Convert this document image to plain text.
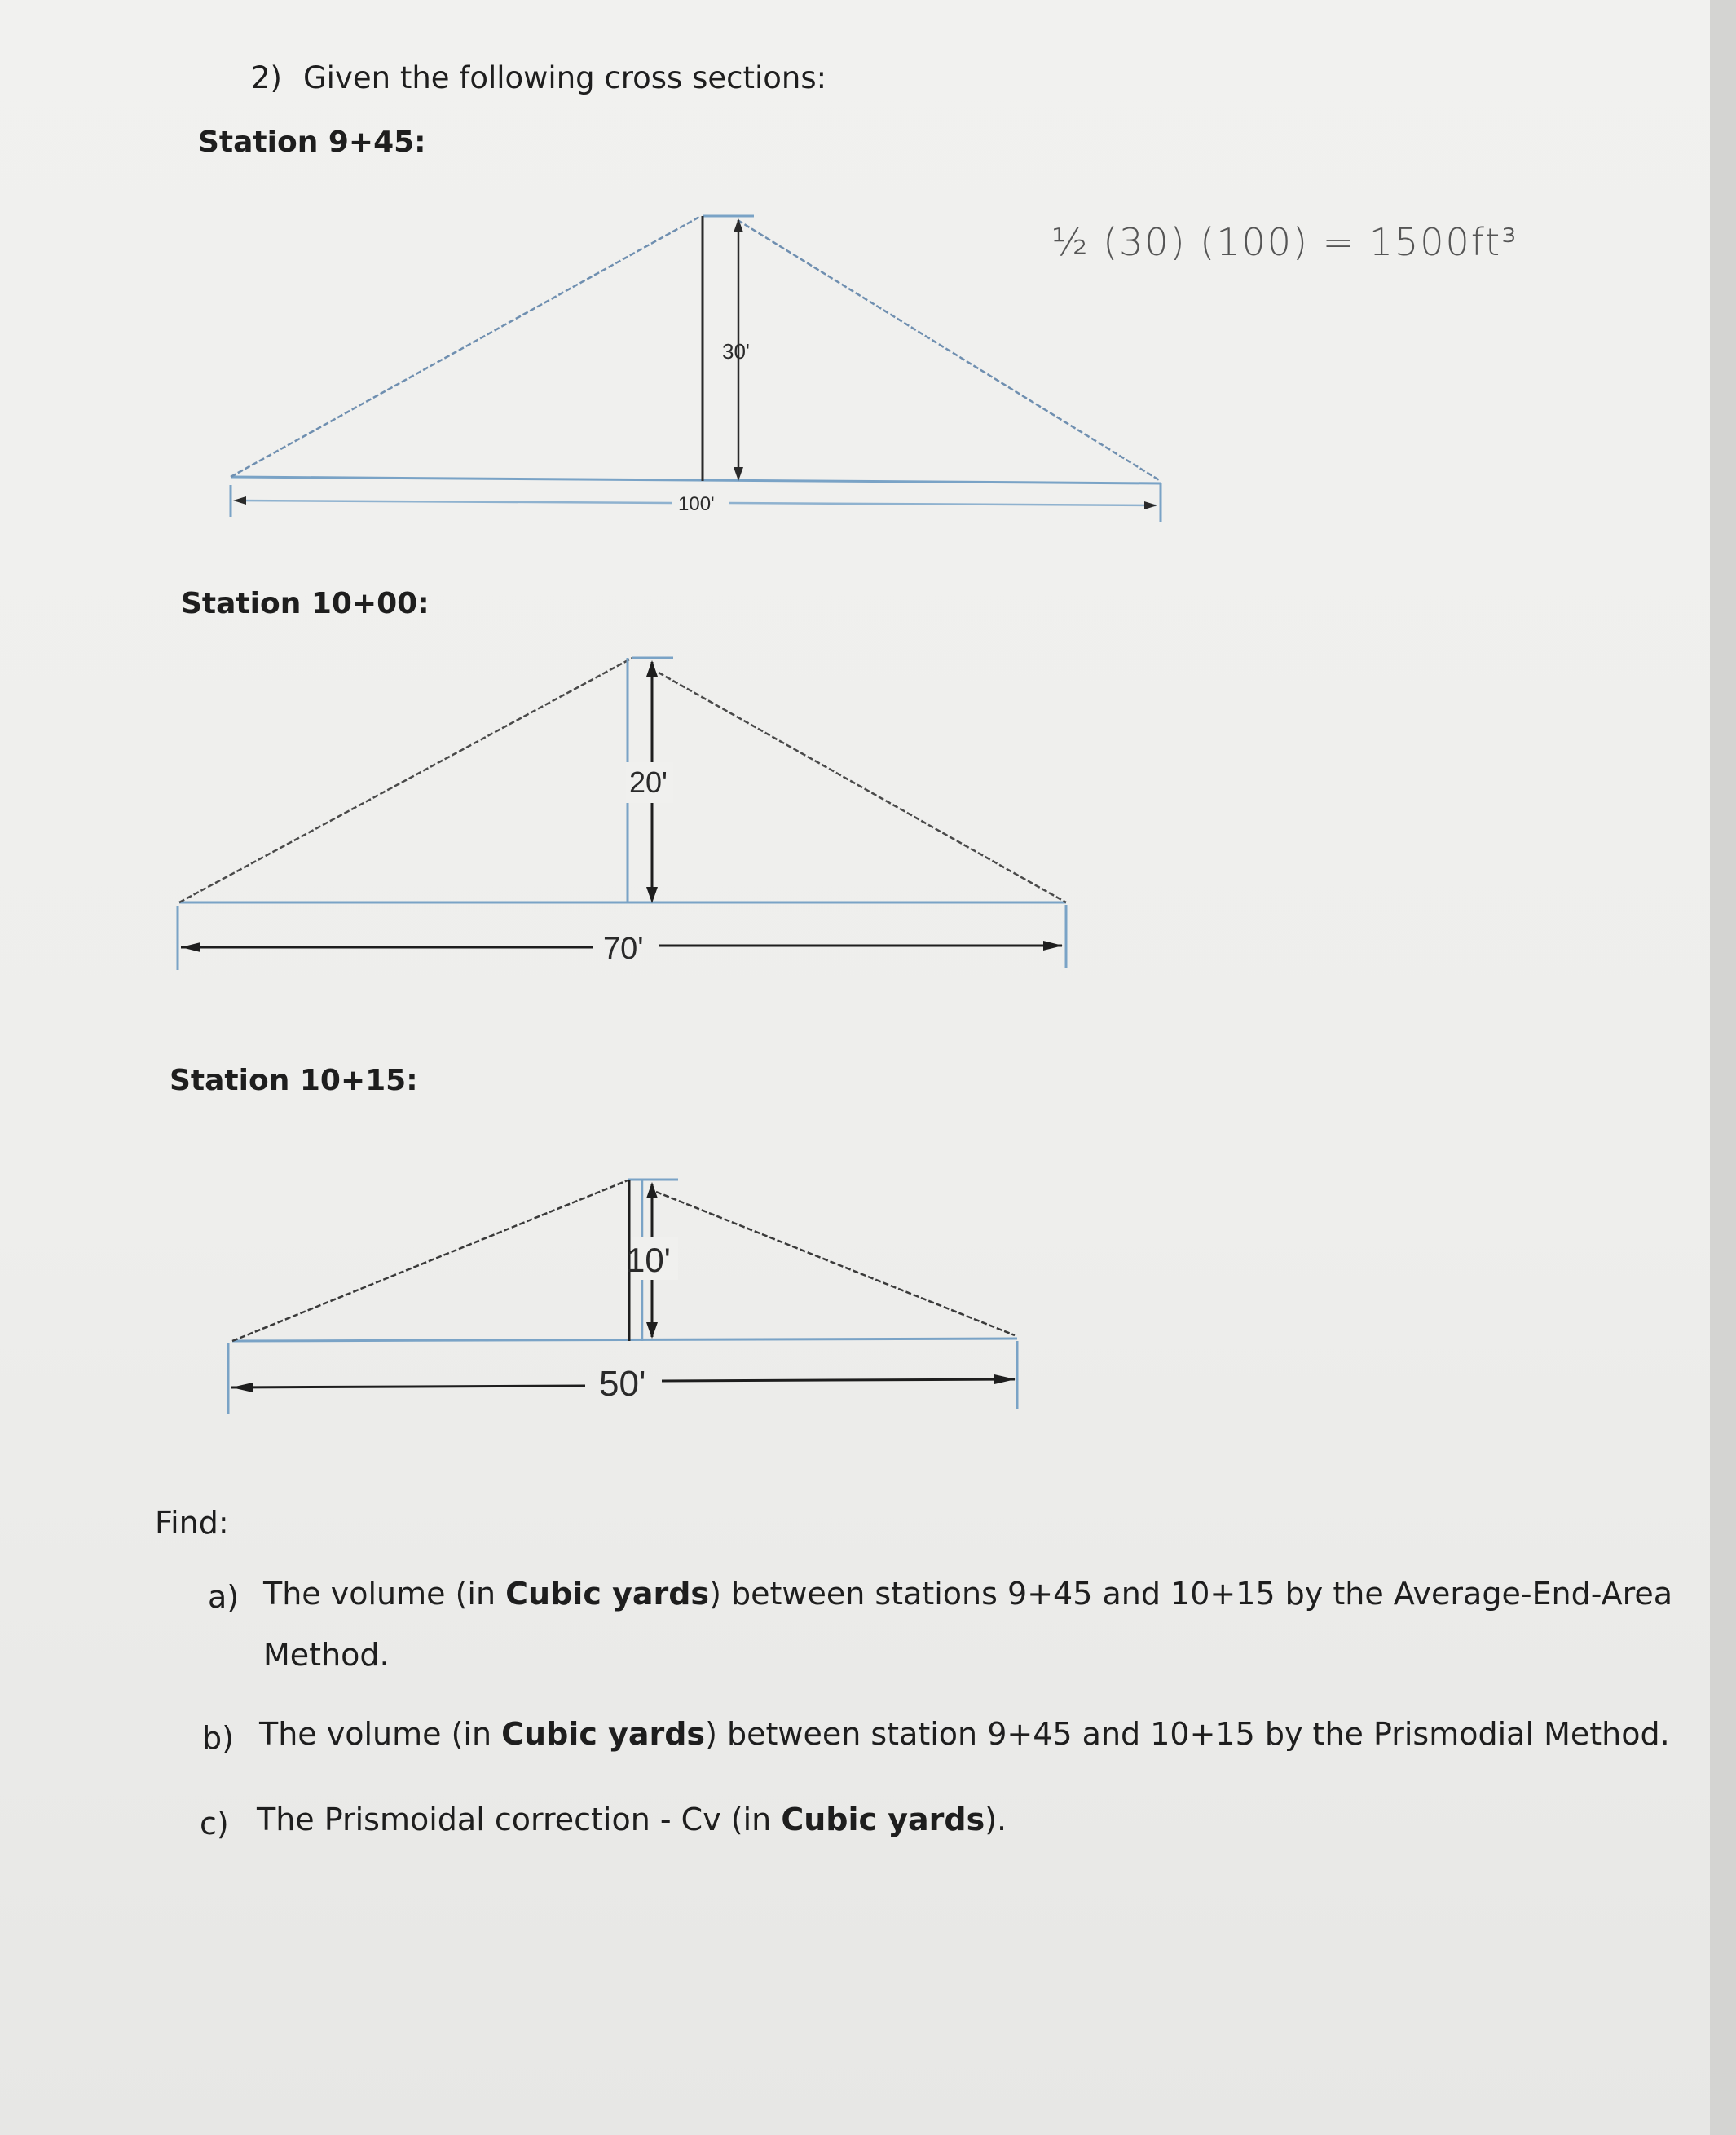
2) Given the following cross sections:
Station 9+45:
30'
100'
½ (30) (100) = 1500ft³
Station 10+00:
20'
70'
Station 10+15:
10'
50'
Find:
a) The volume (in Cubic yards) between stations 9+45 and 10+15 by the Average-End-Area
Method.
b) The volume (in Cubic yards) between station 9+45 and 10+15 by the Prismodial Method.
c) The Prismoidal correction - Cv (in Cubic yards).
